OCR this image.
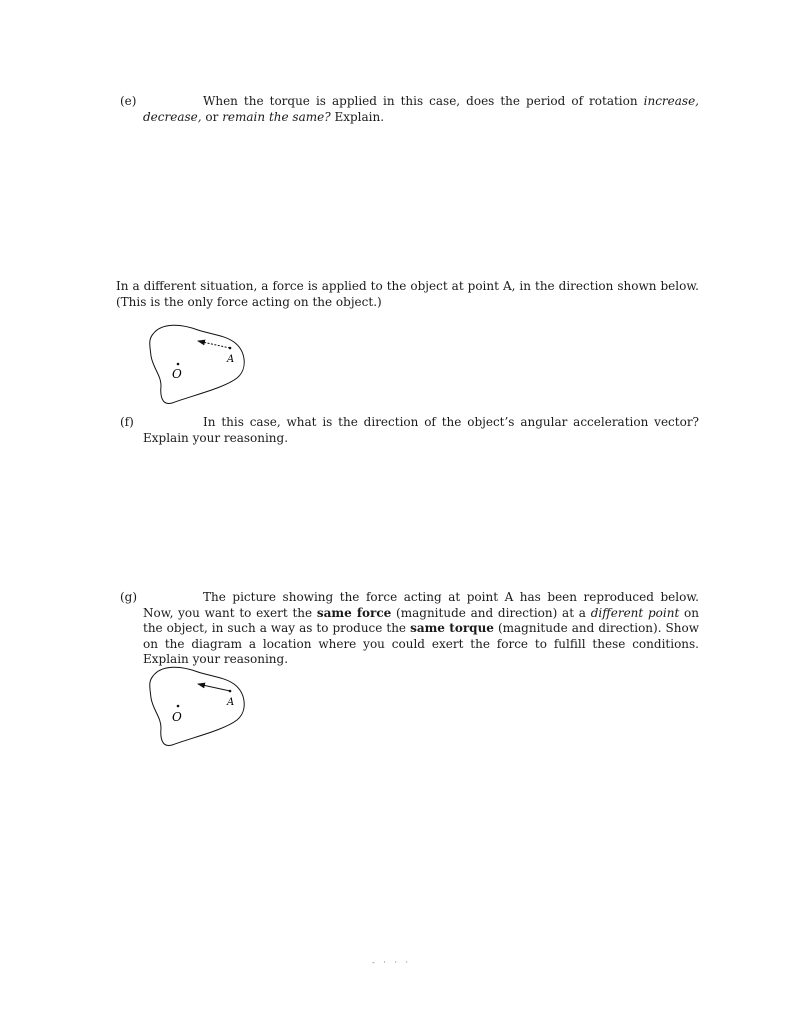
(e)	When the torque is applied in this case, does the period of rotation increase, decrease, or remain the same? Explain.
In a different situation, a force is applied to the object at point A, in the direction shown below. (This is the only force acting on the object.)
A
O
(f)	In this case, what is the direction of the object’s angular acceleration vector? Explain your reasoning.
(g)	The picture showing the force acting at point A has been reproduced below. Now, you want to exert the same force (magnitude and direction) at a different point on the object, in such a way as to produce the same torque (magnitude and direction). Show on the diagram a location where you could exert the force to fulfill these conditions. Explain your reasoning.
A
O
- · · ·
